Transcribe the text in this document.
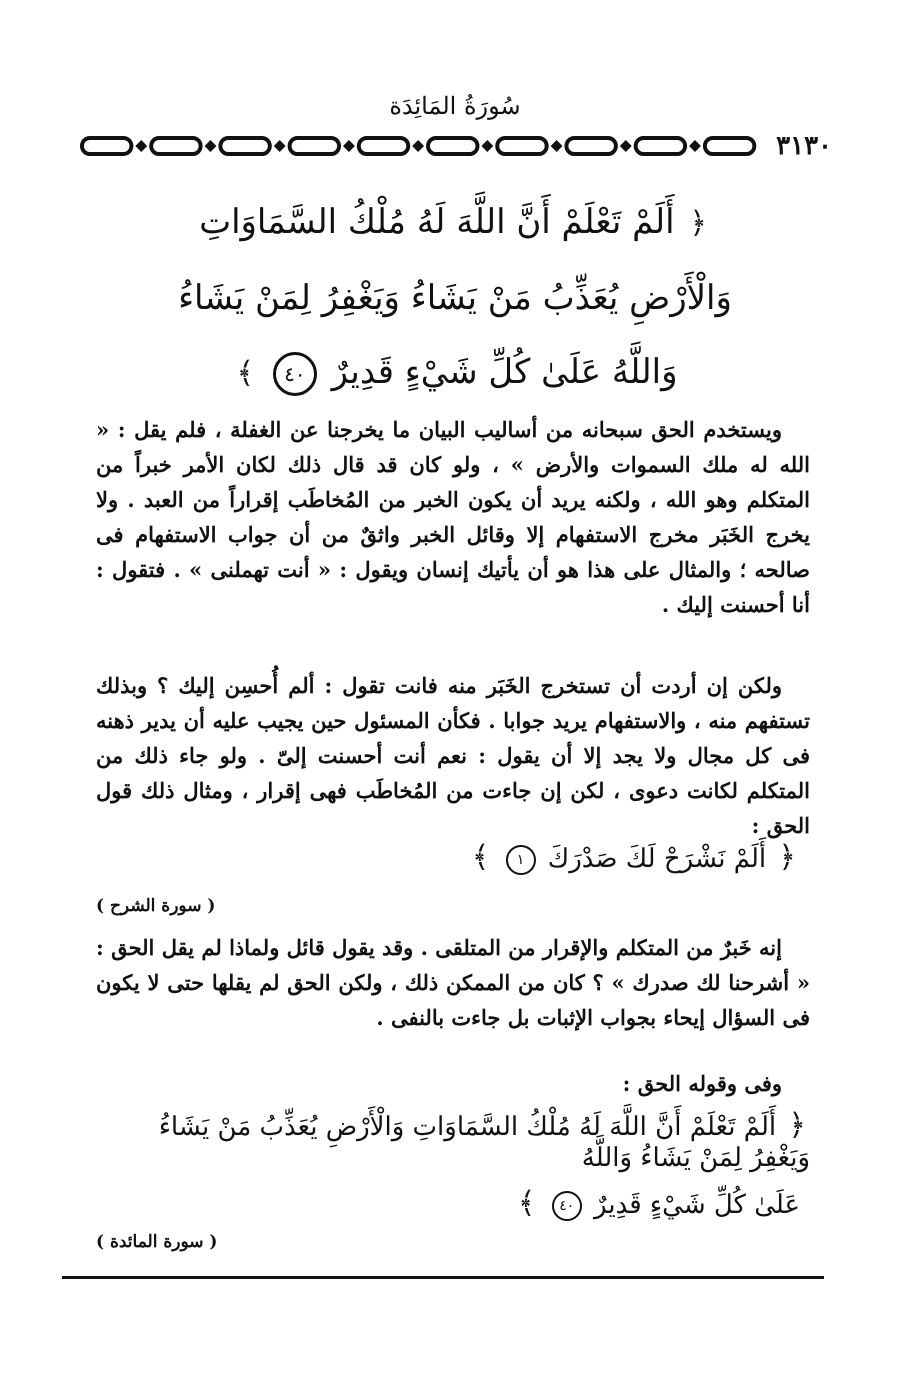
سُورَةُ المَائِدَة
٣١٣٠
﴿ أَلَمْ تَعْلَمْ أَنَّ اللَّهَ لَهُ مُلْكُ السَّمَاوَاتِ وَالْأَرْضِ يُعَذِّبُ مَنْ يَشَاءُ وَيَغْفِرُ لِمَنْ يَشَاءُ وَاللَّهُ عَلَىٰ كُلِّ شَيْءٍ قَدِيرٌ ٤٠ ﴾
ويستخدم الحق سبحانه من أساليب البيان ما يخرجنا عن الغفلة ، فلم يقل : « الله له ملك السموات والأرض » ، ولو كان قد قال ذلك لكان الأمر خبراً من المتكلم وهو الله ، ولكنه يريد أن يكون الخبر من المُخاطَب إقراراً من العبد . ولا يخرج الخَبَر مخرج الاستفهام إلا وقائل الخبر واثقٌ من أن جواب الاستفهام فى صالحه ؛ والمثال على هذا هو أن يأتيك إنسان ويقول : « أنت تهملنى » . فتقول : أنا أحسنت إليك .
ولكن إن أردت أن تستخرج الخَبَر منه فانت تقول : ألم أُحسِن إليك ؟ وبذلك تستفهم منه ، والاستفهام يريد جوابا . فكأن المسئول حين يجيب عليه أن يدير ذهنه فى كل مجال ولا يجد إلا أن يقول : نعم أنت أحسنت إلىّ . ولو جاء ذلك من المتكلم لكانت دعوى ، لكن إن جاءت من المُخاطَب فهى إقرار ، ومثال ذلك قول الحق :
﴿ أَلَمْ نَشْرَحْ لَكَ صَدْرَكَ ١ ﴾
( سورة الشرح )
إنه خَبرٌ من المتكلم والإقرار من المتلقى . وقد يقول قائل ولماذا لم يقل الحق : « أشرحنا لك صدرك » ؟ كان من الممكن ذلك ، ولكن الحق لم يقلها حتى لا يكون فى السؤال إيحاء بجواب الإثبات بل جاءت بالنفى .
وفى وقوله الحق :
﴿ أَلَمْ تَعْلَمْ أَنَّ اللَّهَ لَهُ مُلْكُ السَّمَاوَاتِ وَالْأَرْضِ يُعَذِّبُ مَنْ يَشَاءُ وَيَغْفِرُ لِمَنْ يَشَاءُ وَاللَّهُ
عَلَىٰ كُلِّ شَيْءٍ قَدِيرٌ ٤٠ ﴾
( سورة المائدة )
